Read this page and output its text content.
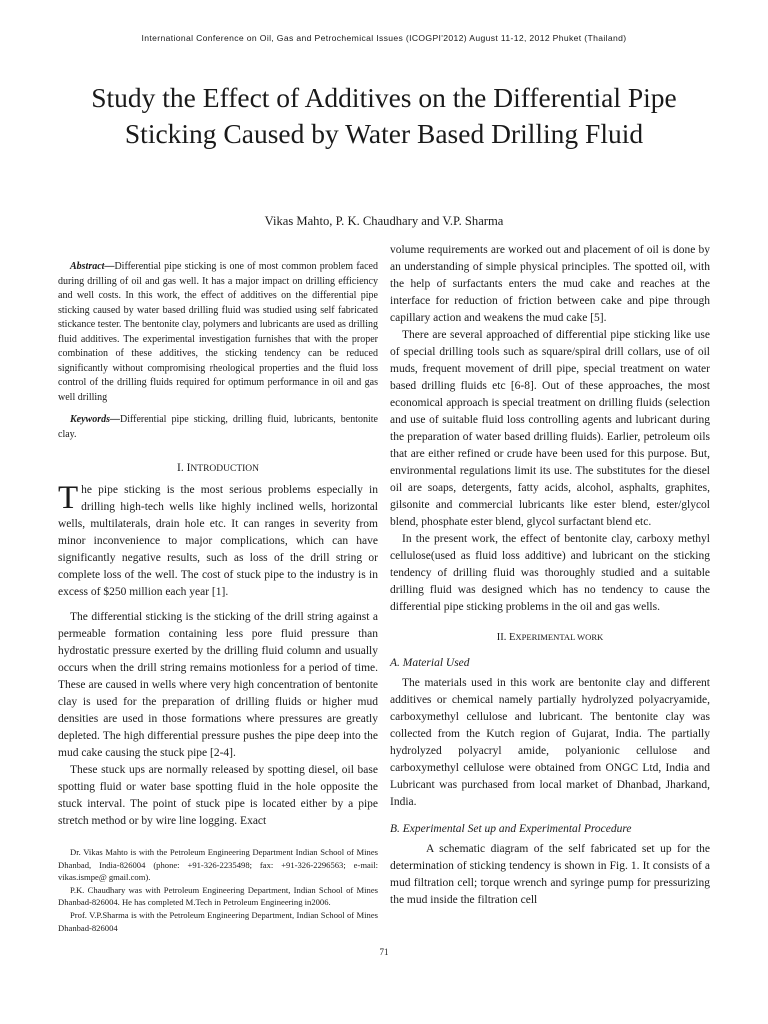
International Conference on Oil, Gas and Petrochemical Issues (ICOGPI'2012) August 11-12, 2012 Phuket (Thailand)
Study the Effect of Additives on the Differential Pipe Sticking Caused by Water Based Drilling Fluid
Vikas Mahto, P. K. Chaudhary and V.P. Sharma

Abstract—Differential pipe sticking is one of most common problem faced during drilling of oil and gas well. It has a major impact on drilling efficiency and well costs. In this work, the effect of additives on the differential pipe sticking caused by water based drilling fluid was studied using self fabricated stickance tester. The bentonite clay, polymers and lubricants are used as drilling fluid additives. The experimental investigation furnishes that with the proper combination of these additives, the sticking tendency can be reduced significantly without compromising rheological properties and the fluid loss control of the drilling fluids required for optimum performance in oil and gas well drilling

Keywords—Differential pipe sticking, drilling fluid, lubricants, bentonite clay.

I. INTRODUCTION

The pipe sticking is the most serious problems especially in drilling high-tech wells like highly inclined wells, horizontal wells, multilaterals, drain hole etc. It can ranges in severity from minor inconvenience to major complications, which can have significantly negative results, such as loss of the drill string or complete loss of the well. The cost of stuck pipe to the industry is in excess of $250 million each year [1].

The differential sticking is the sticking of the drill string against a permeable formation containing less pore fluid pressure than hydrostatic pressure exerted by the drilling fluid column and usually occurs when the drill string remains motionless for a period of time. These are caused in wells where very high concentration of bentonite clay is used for the preparation of drilling fluids or higher mud densities are used in those formations where pressures are greatly depleted. The high differential pressure pushes the pipe deep into the mud cake causing the stuck pipe [2-4].

These stuck ups are normally released by spotting diesel, oil base spotting fluid or water base spotting fluid in the hole opposite the stuck interval. The point of stuck pipe is located either by a pipe stretch method or by wire line logging. Exact

Dr. Vikas Mahto is with the Petroleum Engineering Department Indian School of Mines Dhanbad, India-826004 (phone: +91-326-2235498; fax: +91-326-2296563; e-mail: vikas.ismpe@ gmail.com).

P.K. Chaudhary was with Petroleum Engineering Department, Indian School of Mines Dhanbad-826004. He has completed M.Tech in Petroleum Engineering in2006.

Prof. V.P.Sharma is with the Petroleum Engineering Department, Indian School of Mines Dhanbad-826004

volume requirements are worked out and placement of oil is done by an understanding of simple physical principles. The spotted oil, with the help of surfactants enters the mud cake and reaches at the interface for reduction of friction between cake and pipe through capillary action and weakens the mud cake [5].

There are several approached of differential pipe sticking like use of special drilling tools such as square/spiral drill collars, use of oil muds, frequent movement of drill pipe, special treatment on water based drilling fluids etc [6-8]. Out of these approaches, the most economical approach is special treatment on drilling fluids (selection and use of suitable fluid loss controlling agents and lubricant during the preparation of water based drilling fluids). Earlier, petroleum oils that are either refined or crude have been used for this purpose. But, environmental regulations limit its use. The substitutes for the diesel oil are soaps, detergents, fatty acids, alcohol, asphalts, graphites, gilsonite and commercial lubricants like ester blend, ester/glycol blend, phosphate ester blend, glycol surfactant blend etc.

In the present work, the effect of bentonite clay, carboxy methyl cellulose(used as fluid loss additive) and lubricant on the sticking tendency of drilling fluid was thoroughly studied and a suitable drilling fluid was designed which has no tendency to cause the differential pipe sticking problems in the oil and gas wells.

II. EXPERIMENTAL WORK

A. Material Used

The materials used in this work are bentonite clay and different additives or chemical namely partially hydrolyzed polyacryamide, carboxymethyl cellulose and lubricant. The bentonite clay was collected from the Kutch region of Gujarat, India. The partially hydrolyzed polyacryl amide, polyanionic cellulose and carboxymethyl cellulose were obtained from ONGC Ltd, India and Lubricant was purchased from local market of Dhanbad, Jharkand, India.

B. Experimental Set up and Experimental Procedure

A schematic diagram of the self fabricated set up for the determination of sticking tendency is shown in Fig. 1. It consists of a mud filtration cell; torque wrench and syringe pump for pressurizing the mud inside the filtration cell

71
